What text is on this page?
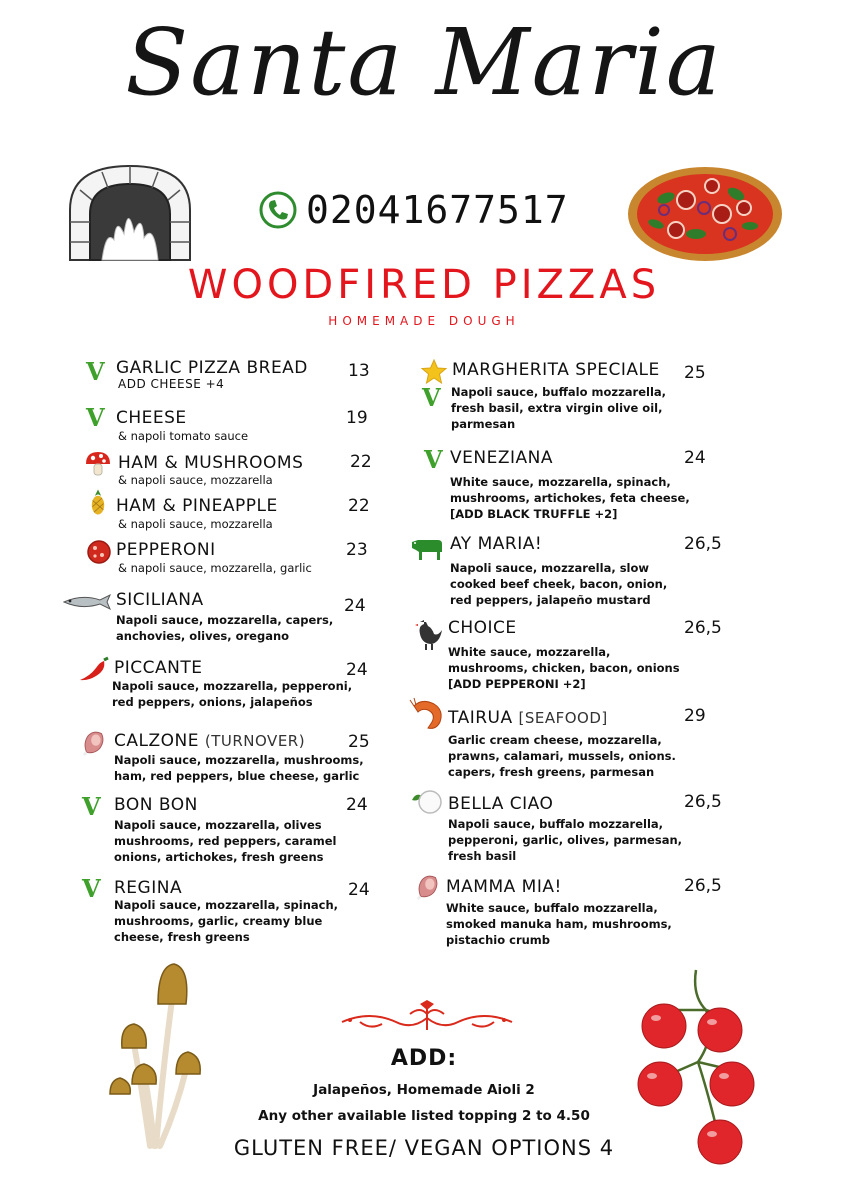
Santa Maria
02041677517
WOODFIRED PIZZAS
HOMEMADE DOUGH
V GARLIC PIZZA BREAD
ADD CHEESE +4
13
V CHEESE
& napoli tomato sauce
19
HAM & MUSHROOMS
& napoli sauce, mozzarella
22
HAM & PINEAPPLE
& napoli sauce, mozzarella
22
PEPPERONI
& napoli sauce, mozzarella, garlic
23
SICILIANA
Napoli sauce, mozzarella, capers,
anchovies, olives, oregano
24
PICCANTE
Napoli sauce, mozzarella, pepperoni,
red peppers, onions, jalapeños
24
CALZONE (TURNOVER)
Napoli sauce, mozzarella, mushrooms,
ham, red peppers, blue cheese, garlic
25
V BON BON
Napoli sauce, mozzarella, olives
mushrooms, red peppers, caramel
onions, artichokes, fresh greens
24
V REGINA
Napoli sauce, mozzarella, spinach,
mushrooms, garlic, creamy blue
cheese, fresh greens
24
V
MARGHERITA SPECIALE
Napoli sauce, buffalo mozzarella,
fresh basil, extra virgin olive oil,
parmesan
25
V VENEZIANA
White sauce, mozzarella, spinach,
mushrooms, artichokes, feta cheese,
[ADD BLACK TRUFFLE +2]
24
AY MARIA!
Napoli sauce, mozzarella, slow
cooked beef cheek, bacon, onion,
red peppers, jalapeño mustard
26,5
CHOICE
White sauce, mozzarella,
mushrooms, chicken, bacon, onions
[ADD PEPPERONI +2]
26,5
TAIRUA [SEAFOOD]
Garlic cream cheese, mozzarella,
prawns, calamari, mussels, onions.
capers, fresh greens, parmesan
29
BELLA CIAO
Napoli sauce, buffalo mozzarella,
pepperoni, garlic, olives, parmesan,
fresh basil
26,5
MAMMA MIA!
White sauce, buffalo mozzarella,
smoked manuka ham, mushrooms,
pistachio crumb
26,5
ADD:
Jalapeños, Homemade Aioli 2
Any other available listed topping 2 to 4.50
GLUTEN FREE/ VEGAN OPTIONS 4
